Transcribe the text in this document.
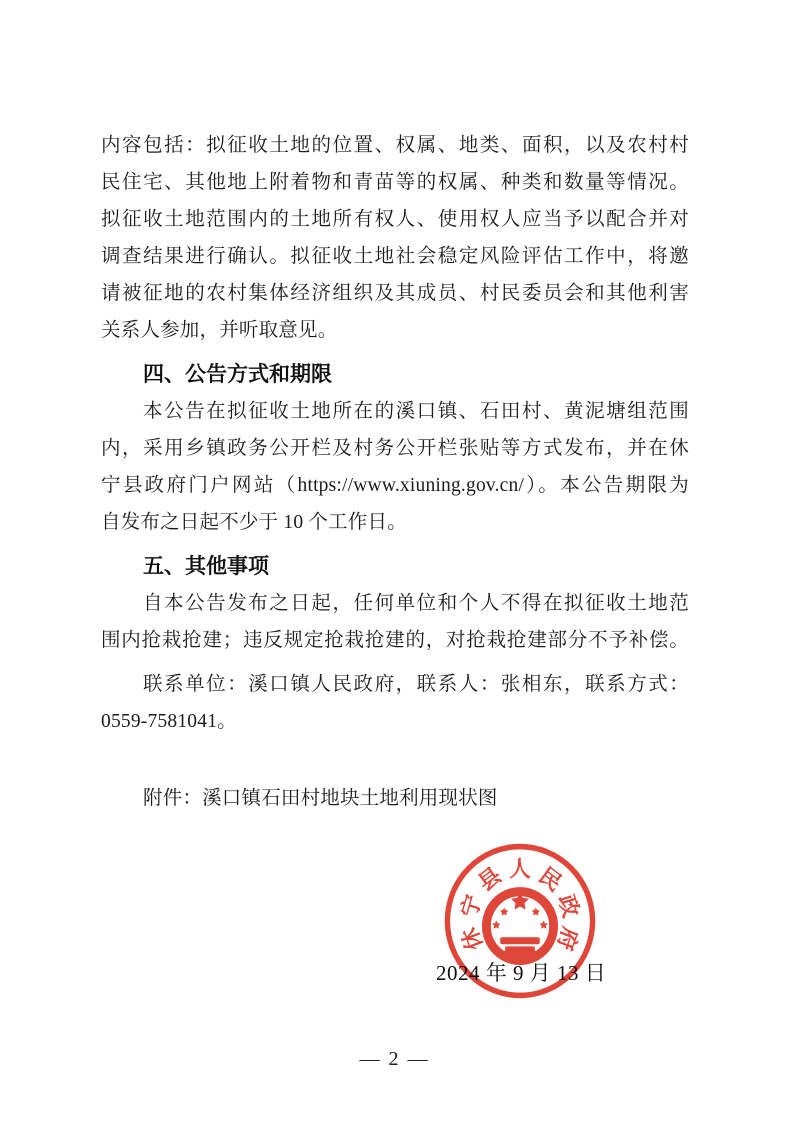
内容包括：拟征收土地的位置、权属、地类、面积，以及农村村
民住宅、其他地上附着物和青苗等的权属、种类和数量等情况。
拟征收土地范围内的土地所有权人、使用权人应当予以配合并对
调查结果进行确认。拟征收土地社会稳定风险评估工作中，将邀
请被征地的农村集体经济组织及其成员、村民委员会和其他利害
关系人参加，并听取意见。
四、公告方式和期限
本公告在拟征收土地所在的溪口镇、石田村、黄泥塘组范围
内，采用乡镇政务公开栏及村务公开栏张贴等方式发布，并在休
宁县政府门户网站（https://www.xiuning.gov.cn/）。本公告期限为
自发布之日起不少于 10 个工作日。
五、其他事项
自本公告发布之日起，任何单位和个人不得在拟征收土地范
围内抢栽抢建；违反规定抢栽抢建的，对抢栽抢建部分不予补偿。
联系单位：溪口镇人民政府，联系人：张相东，联系方式：
0559-7581041。
附件：溪口镇石田村地块土地利用现状图
2024 年 9 月 13 日
休
宁
县 人 民
政
府
— 2 —
